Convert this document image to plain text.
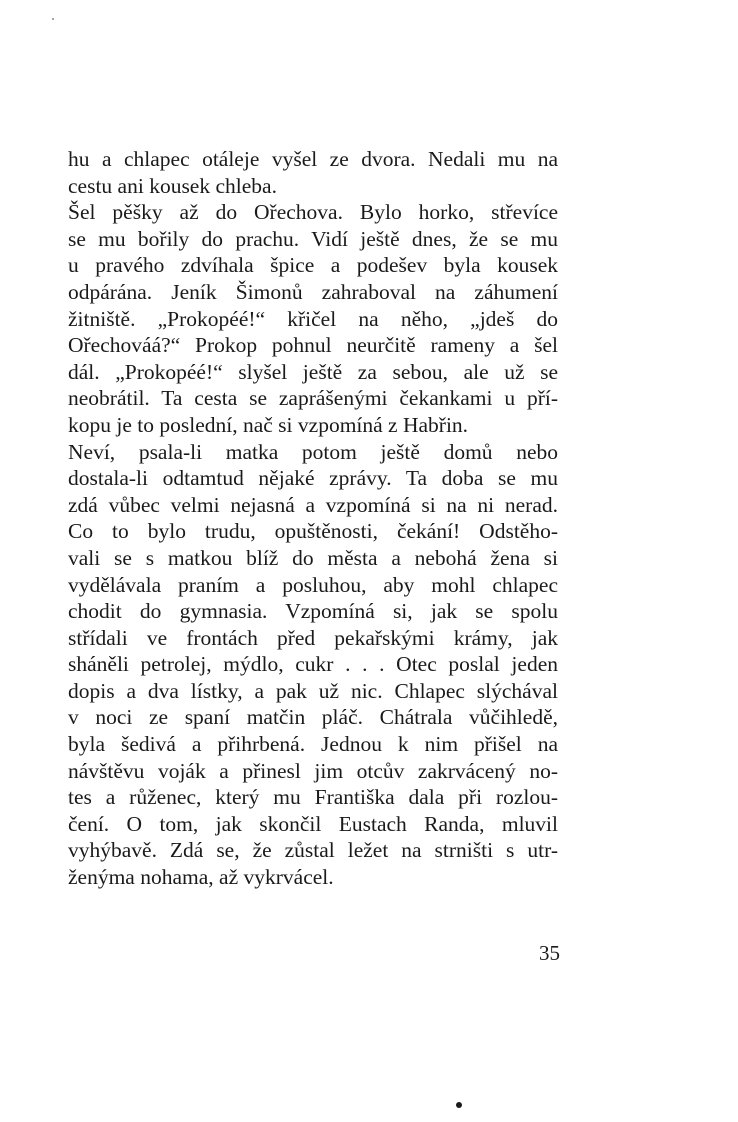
hu a chlapec otáleje vyšel ze dvora. Nedali mu na
cestu ani kousek chleba.
Šel pěšky až do Ořechova. Bylo horko, střevíce
se mu bořily do prachu. Vidí ještě dnes, že se mu
u pravého zdvíhala špice a podešev byla kousek
odpárána. Jeník Šimonů zahraboval na záhumení
žitniště. „Prokopéé!“ křičel na něho, „jdeš do
Ořechováá?“ Prokop pohnul neurčitě rameny a šel
dál. „Prokopéé!“ slyšel ještě za sebou, ale už se
neobrátil. Ta cesta se zaprášenými čekankami u pří-
kopu je to poslední, nač si vzpomíná z Habřin.
Neví, psala-li matka potom ještě domů nebo
dostala-li odtamtud nějaké zprávy. Ta doba se mu
zdá vůbec velmi nejasná a vzpomíná si na ni nerad.
Co to bylo trudu, opuštěnosti, čekání! Odstěho-
vali se s matkou blíž do města a nebohá žena si
vydělávala praním a posluhou, aby mohl chlapec
chodit do gymnasia. Vzpomíná si, jak se spolu
střídali ve frontách před pekařskými krámy, jak
sháněli petrolej, mýdlo, cukr . . . Otec poslal jeden
dopis a dva lístky, a pak už nic. Chlapec slýchával
v noci ze spaní matčin pláč. Chátrala vůčihledě,
byla šedivá a přihrbená. Jednou k nim přišel na
návštěvu voják a přinesl jim otcův zakrvácený no-
tes a růženec, který mu Františka dala při rozlou-
čení. O tom, jak skončil Eustach Randa, mluvil
vyhýbavě. Zdá se, že zůstal ležet na strništi s utr-
ženýma nohama, až vykrvácel.
35
